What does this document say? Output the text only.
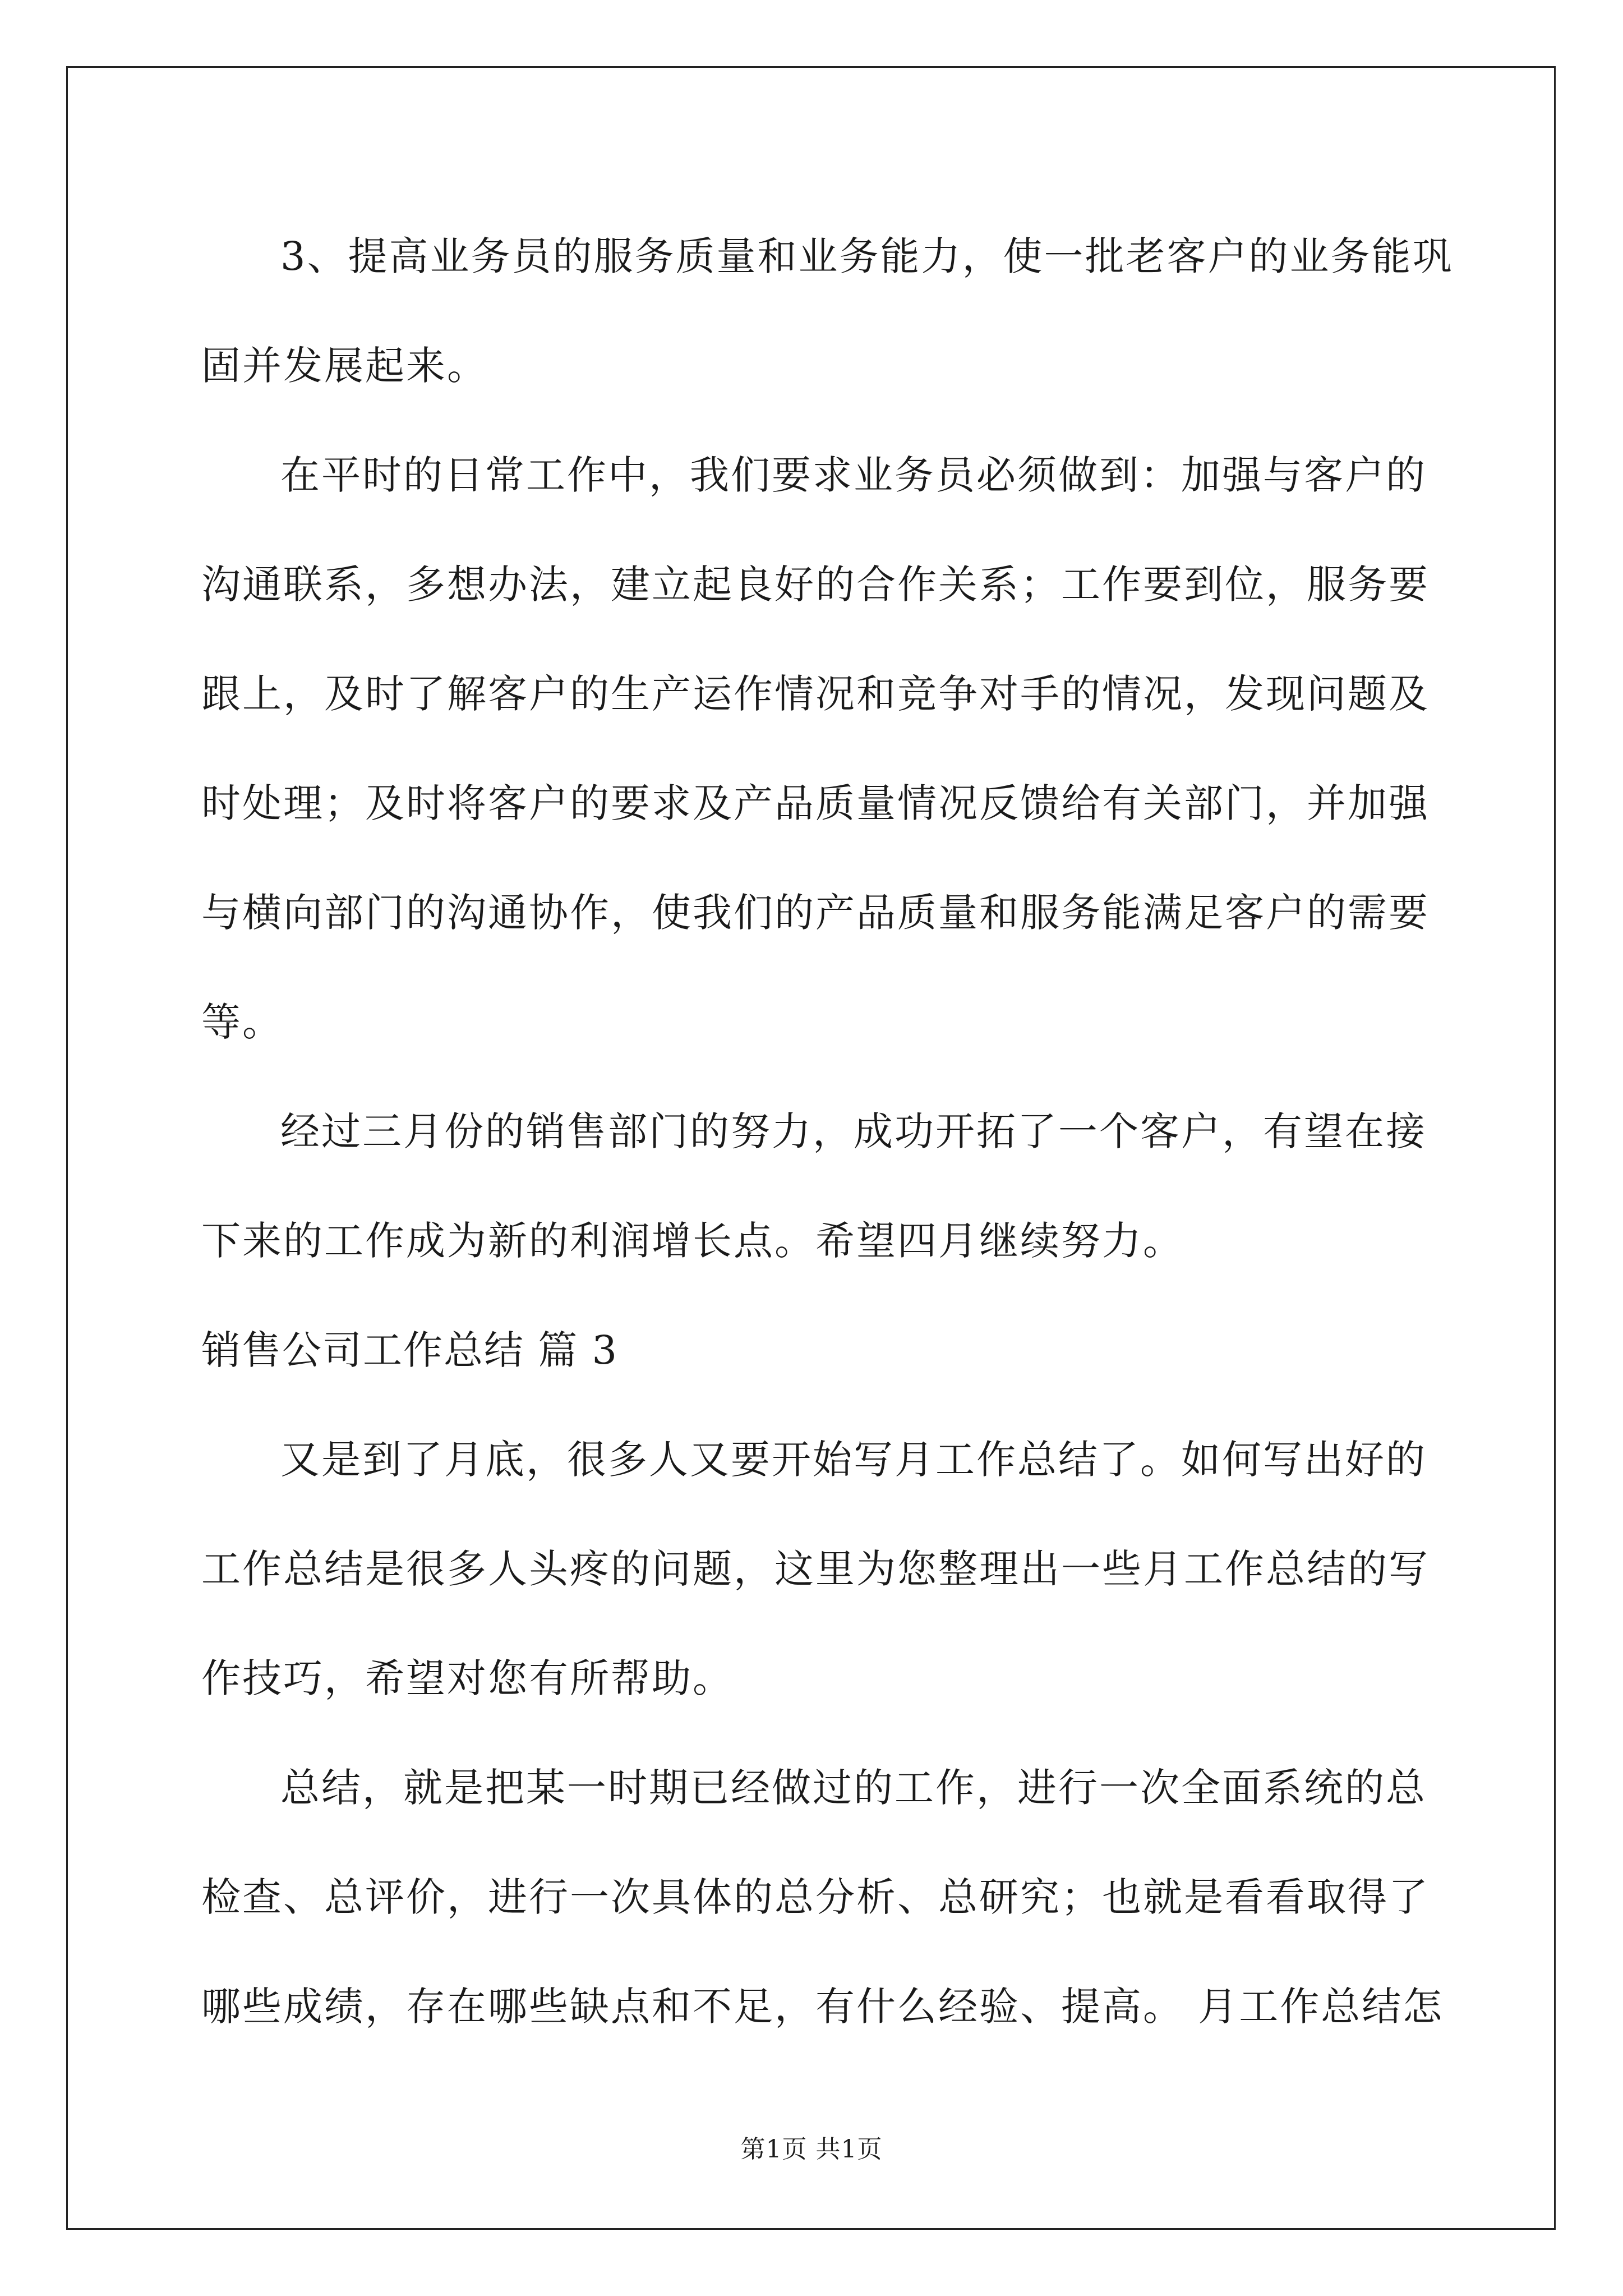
3、提高业务员的服务质量和业务能力，使一批老客户的业务能巩
固并发展起来。
在平时的日常工作中，我们要求业务员必须做到：加强与客户的
沟通联系，多想办法，建立起良好的合作关系；工作要到位，服务要
跟上，及时了解客户的生产运作情况和竞争对手的情况，发现问题及
时处理；及时将客户的要求及产品质量情况反馈给有关部门，并加强
与横向部门的沟通协作，使我们的产品质量和服务能满足客户的需要
等。
经过三月份的销售部门的努力，成功开拓了一个客户，有望在接
下来的工作成为新的利润增长点。希望四月继续努力。
销售公司工作总结 篇 3
又是到了月底，很多人又要开始写月工作总结了。如何写出好的
工作总结是很多人头疼的问题，这里为您整理出一些月工作总结的写
作技巧，希望对您有所帮助。
总结，就是把某一时期已经做过的工作，进行一次全面系统的总
检查、总评价，进行一次具体的总分析、总研究；也就是看看取得了
哪些成绩，存在哪些缺点和不足，有什么经验、提高。 月工作总结怎
第1页 共1页
